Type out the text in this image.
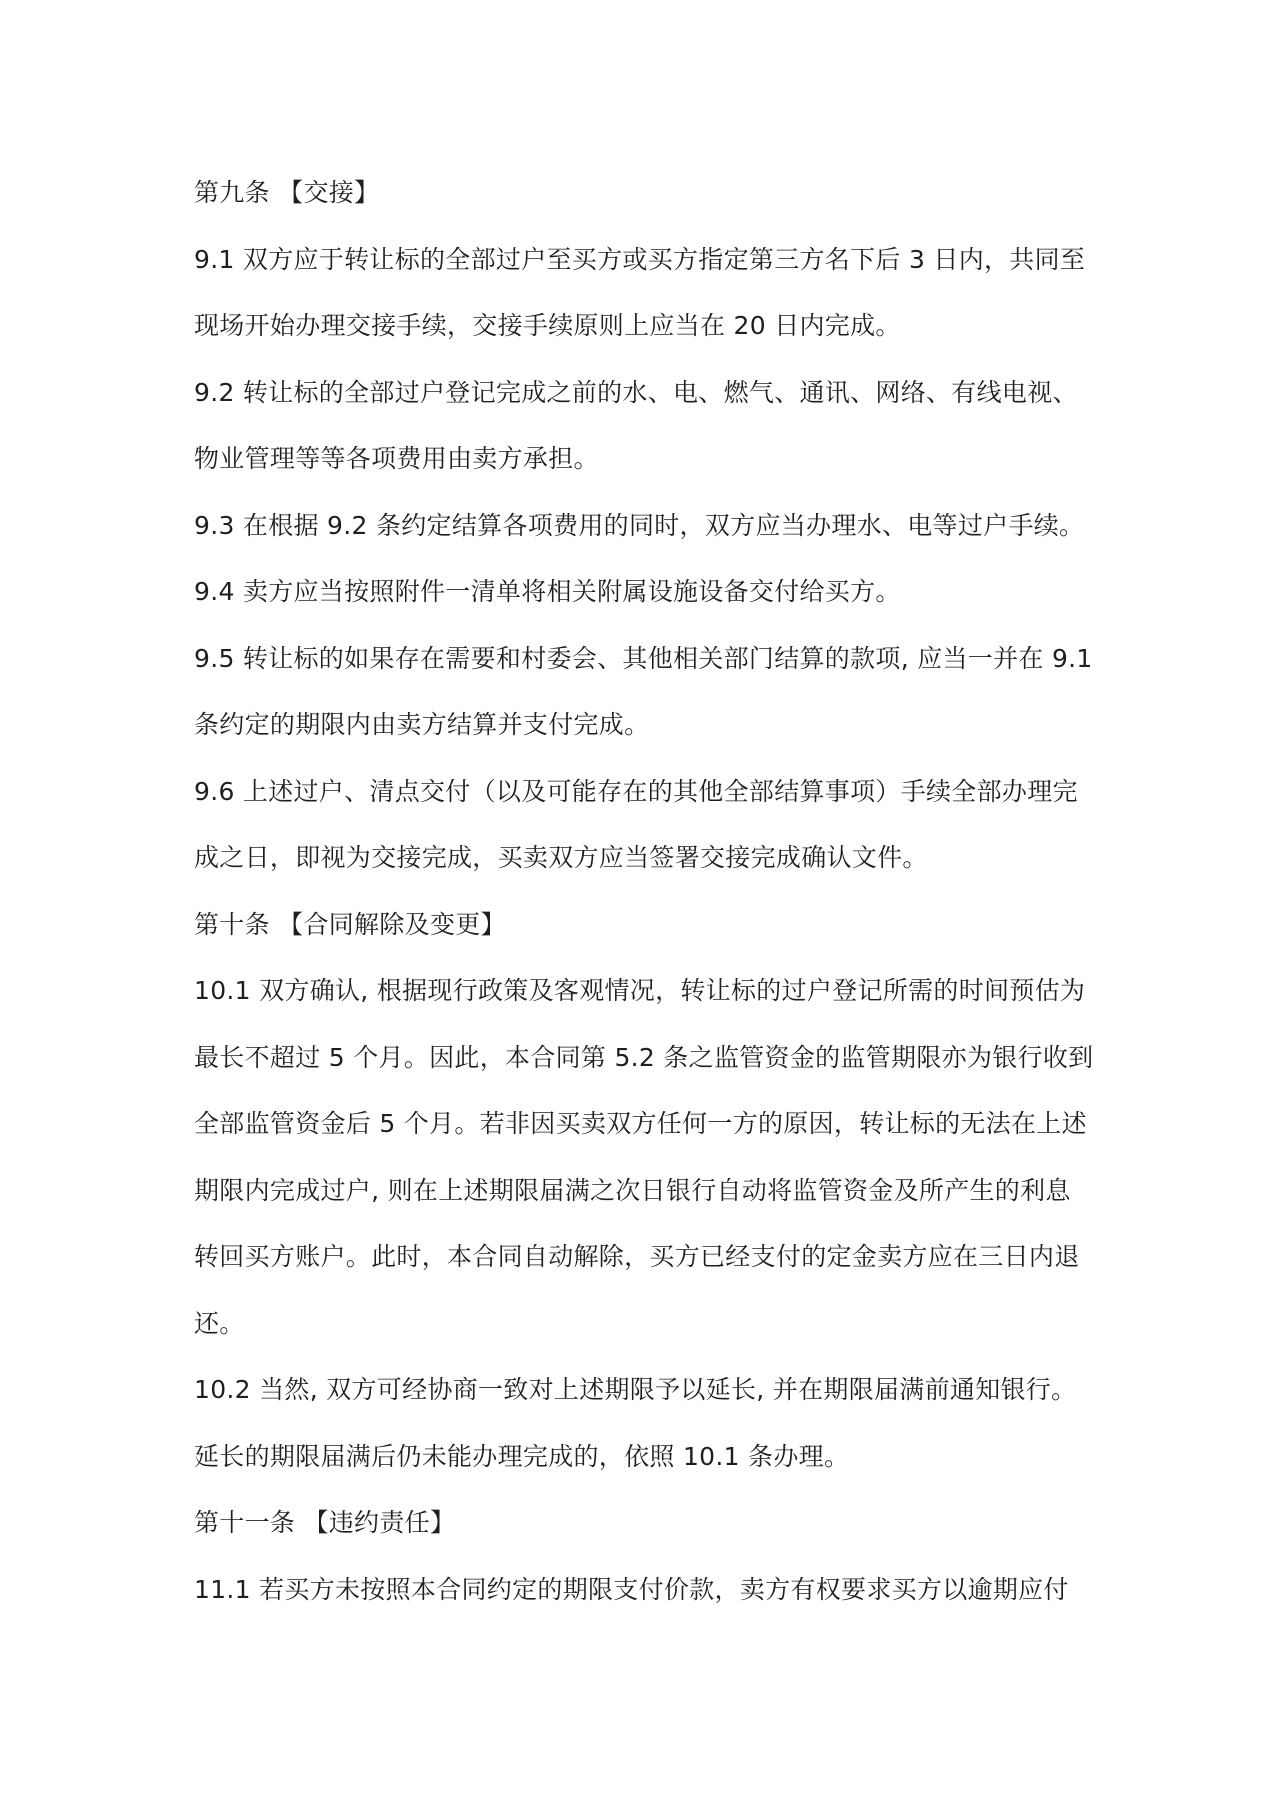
第九条 【交接】
9.1 双方应于转让标的全部过户至买方或买方指定第三方名下后 3 日内，共同至
现场开始办理交接手续，交接手续原则上应当在 20 日内完成。
9.2 转让标的全部过户登记完成之前的水、电、燃气、通讯、网络、有线电视、
物业管理等等各项费用由卖方承担。
9.3 在根据 9.2 条约定结算各项费用的同时，双方应当办理水、电等过户手续。
9.4 卖方应当按照附件一清单将相关附属设施设备交付给买方。
9.5 转让标的如果存在需要和村委会、其他相关部门结算的款项, 应当一并在 9.1
条约定的期限内由卖方结算并支付完成。
9.6 上述过户、清点交付（以及可能存在的其他全部结算事项）手续全部办理完
成之日，即视为交接完成，买卖双方应当签署交接完成确认文件。
第十条 【合同解除及变更】
10.1 双方确认, 根据现行政策及客观情况，转让标的过户登记所需的时间预估为
最长不超过 5 个月。因此，本合同第 5.2 条之监管资金的监管期限亦为银行收到
全部监管资金后 5 个月。若非因买卖双方任何一方的原因，转让标的无法在上述
期限内完成过户, 则在上述期限届满之次日银行自动将监管资金及所产生的利息
转回买方账户。此时，本合同自动解除，买方已经支付的定金卖方应在三日内退
还。
10.2 当然, 双方可经协商一致对上述期限予以延长, 并在期限届满前通知银行。
延长的期限届满后仍未能办理完成的，依照 10.1 条办理。
第十一条 【违约责任】
11.1 若买方未按照本合同约定的期限支付价款，卖方有权要求买方以逾期应付
